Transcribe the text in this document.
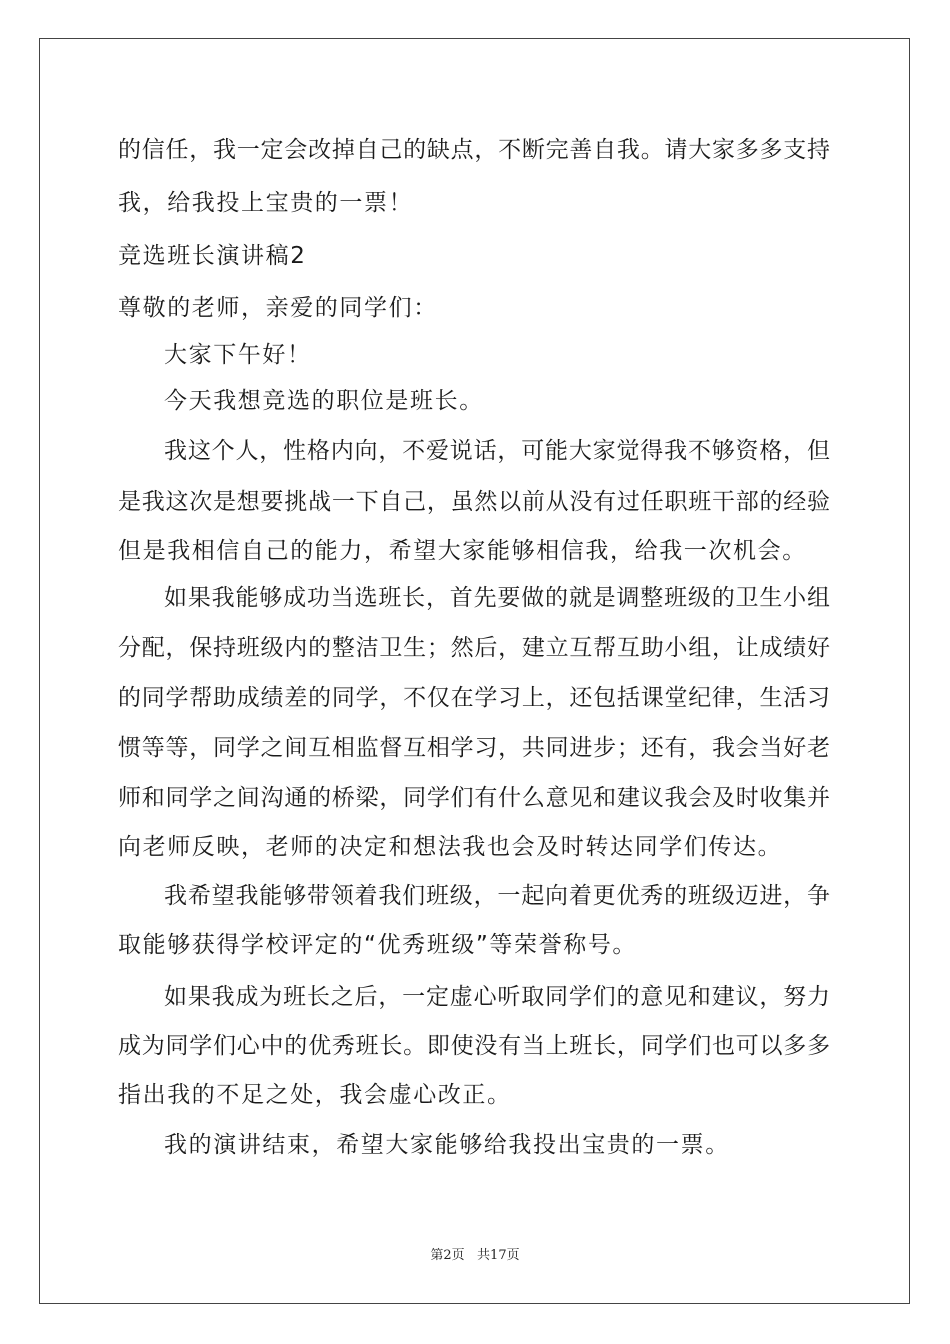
的信任，我一定会改掉自己的缺点，不断完善自我。请大家多多支持
我，给我投上宝贵的一票！
竞选班长演讲稿2
尊敬的老师，亲爱的同学们：
大家下午好！
今天我想竞选的职位是班长。
我这个人，性格内向，不爱说话，可能大家觉得我不够资格，但
是我这次是想要挑战一下自己，虽然以前从没有过任职班干部的经验
但是我相信自己的能力，希望大家能够相信我，给我一次机会。
如果我能够成功当选班长，首先要做的就是调整班级的卫生小组
分配，保持班级内的整洁卫生；然后，建立互帮互助小组，让成绩好
的同学帮助成绩差的同学，不仅在学习上，还包括课堂纪律，生活习
惯等等，同学之间互相监督互相学习，共同进步；还有，我会当好老
师和同学之间沟通的桥梁，同学们有什么意见和建议我会及时收集并
向老师反映，老师的决定和想法我也会及时转达同学们传达。
我希望我能够带领着我们班级，一起向着更优秀的班级迈进，争
取能够获得学校评定的“优秀班级”等荣誉称号。
如果我成为班长之后，一定虚心听取同学们的意见和建议，努力
成为同学们心中的优秀班长。即使没有当上班长，同学们也可以多多
指出我的不足之处，我会虚心改正。
我的演讲结束，希望大家能够给我投出宝贵的一票。
第2页   共17页
